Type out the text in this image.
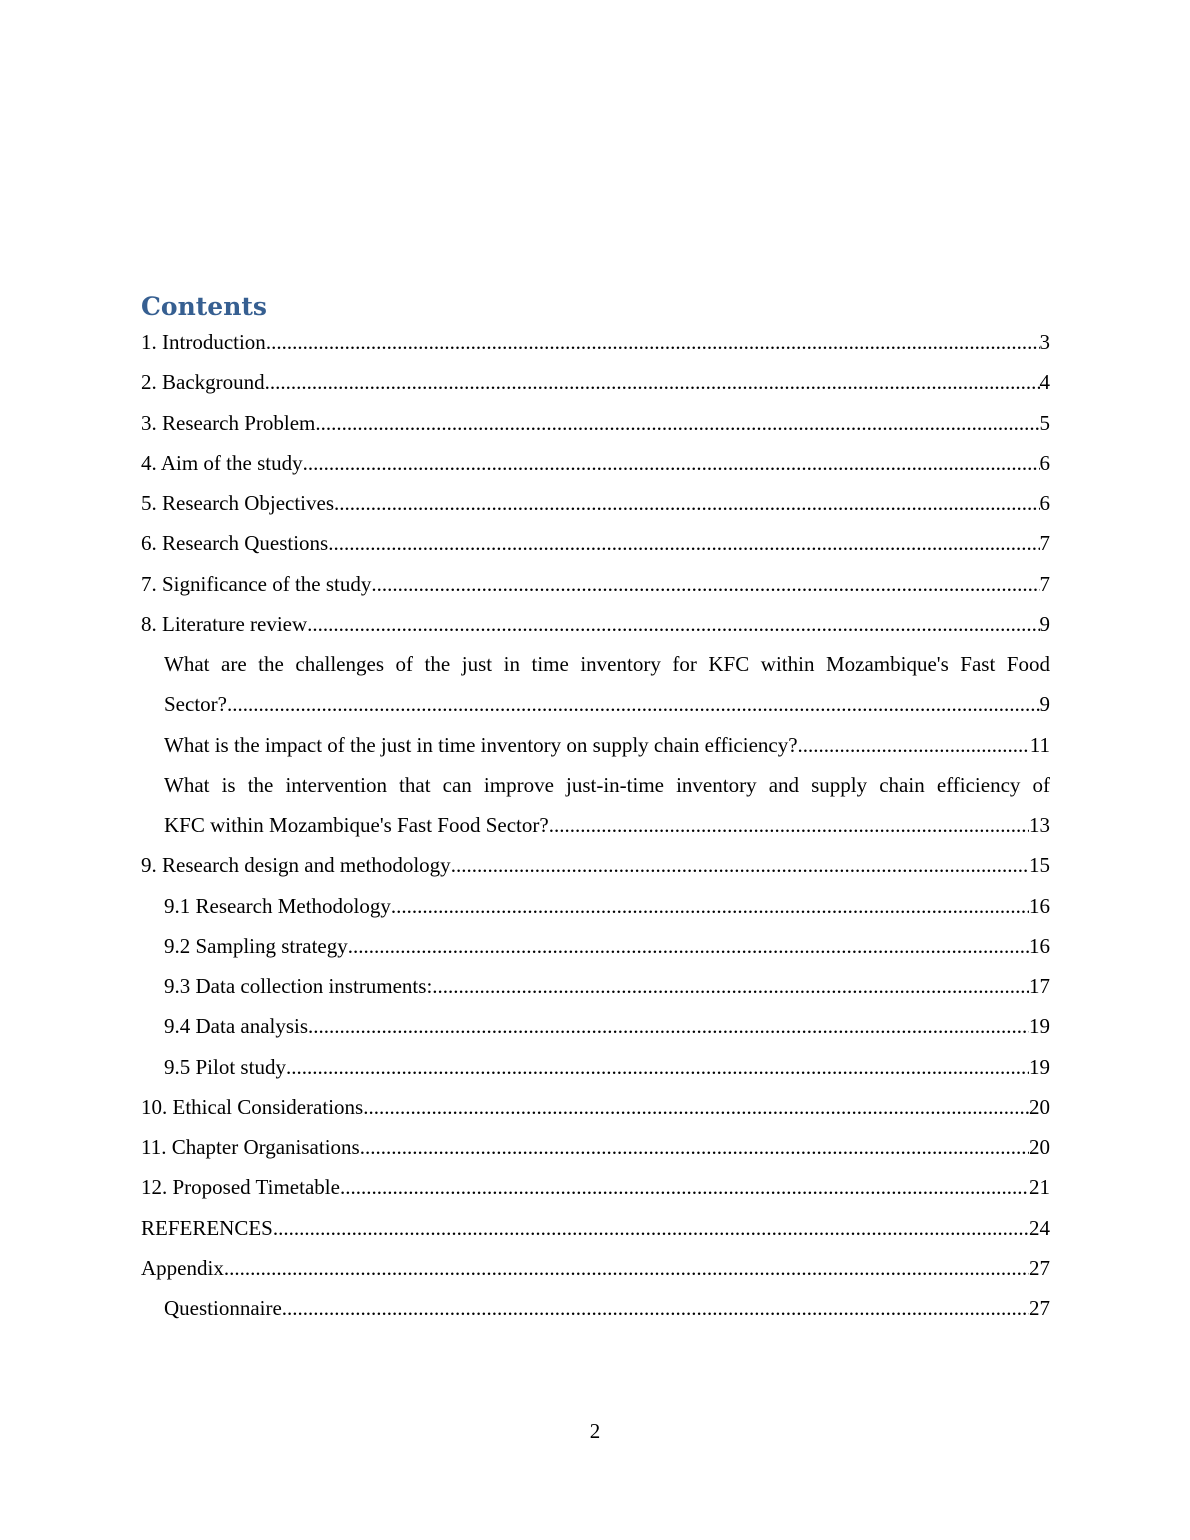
Contents
1. Introduction .....	3
2. Background .....	4
3. Research Problem .....	5
4. Aim of the study .....	6
5. Research Objectives .....	6
6. Research Questions .....	7
7. Significance of the study .....	7
8. Literature review .....	9
What are the challenges of the just in time inventory for KFC within Mozambique's Fast Food
Sector? .....	9
What is the impact of the just in time inventory on supply chain efficiency? .....	11
What is the intervention that can improve just-in-time inventory and supply chain efficiency of
KFC within Mozambique's Fast Food Sector? .....	13
9. Research design and methodology .....	15
9.1 Research Methodology .....	16
9.2 Sampling strategy .....	16
9.3 Data collection instruments: .....	17
9.4 Data analysis .....	19
9.5 Pilot study .....	19
10. Ethical Considerations .....	20
11. Chapter Organisations .....	20
12. Proposed Timetable .....	21
REFERENCES .....	24
Appendix .....	27
Questionnaire .....	27
2
